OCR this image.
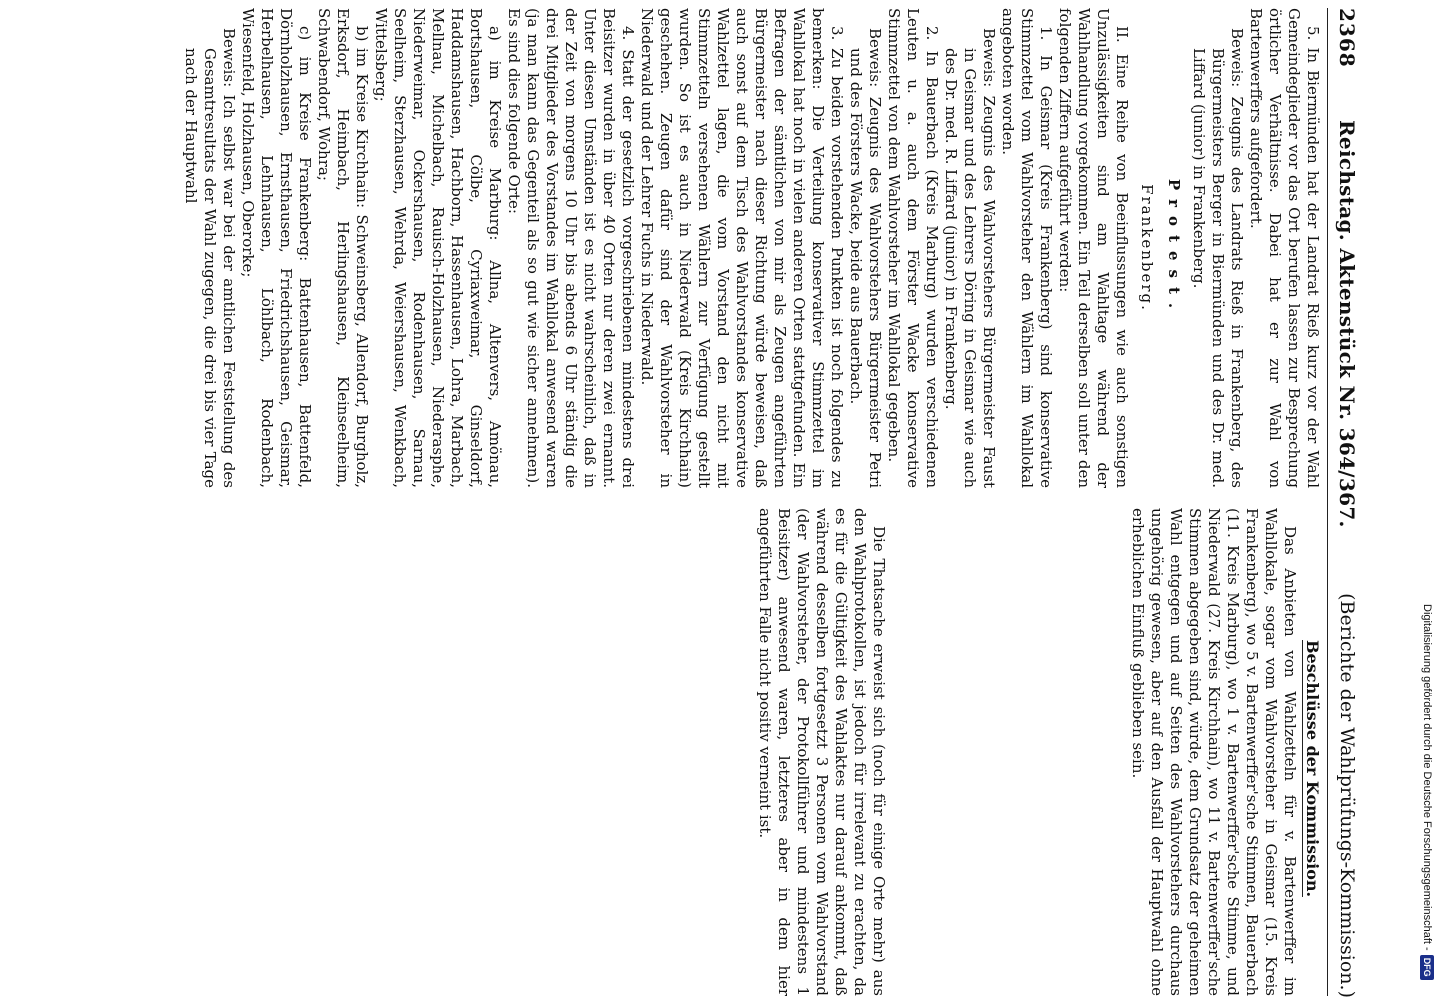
2368
Reichstag. Aktenstück Nr. 364/367.
(Berichte der Wahlprüfungs-Kommission.)
Beschlüsse der Kommission.

5. In Biermünden hat der Landrat Rieß kurz vor der Wahl Gemeindeglieder vor das Ort berufen lassen zur Besprechung örtlicher Verhältnisse. Dabei hat er zur Wahl von Bartenwerffers aufgefordert.

Beweis: Zeugnis des Landrats Rieß in Frankenberg, des Bürgermeisters Berger in Biermünden und des Dr. med. Liffard (junior) in Frankenberg.

Protest.
Frankenberg.

II. Eine Reihe von Beeinflussungen wie auch sonstigen Unzulässigkeiten sind am Wahltage während der Wahlhandlung vorgekommen. Ein Teil derselben soll unter den folgenden Ziffern aufgeführt werden:

1. In Geismar (Kreis Frankenberg) sind konservative Stimmzettel vom Wahlvorsteher den Wählern im Wahllokal angeboten worden.

Beweis: Zeugnis des Wahlvorstehers Bürgermeister Faust in Geismar und des Lehrers Döring in Geismar wie auch des Dr. med. R. Liffard (junior) in Frankenberg.

2. In Bauerbach (Kreis Marburg) wurden verschiedenen Leuten u. a. auch dem Förster Wacke konservative Stimmzettel von dem Wahlvorsteher im Wahllokal gegeben.

Beweis: Zeugnis des Wahlvorstehers Bürgermeister Petri und des Försters Wacke, beide aus Bauerbach.

3. Zu beiden vorstehenden Punkten ist noch folgendes zu bemerken: Die Verteilung konservativer Stimmzettel im Wahllokal hat noch in vielen anderen Orten stattgefunden. Ein Befragen der sämtlichen von mir als Zeugen angeführten Bürgermeister nach dieser Richtung würde beweisen, daß auch sonst auf dem Tisch des Wahlvorstandes konservative Wahlzettel lagen, die vom Vorstand den nicht mit Stimmzetteln versehenen Wählern zur Verfügung gestellt wurden. So ist es auch in Niederwald (Kreis Kirchhain) geschehen. Zeugen dafür sind der Wahlvorsteher in Niederwald und der Lehrer Fuchs in Niederwald.

4. Statt der gesetzlich vorgeschriebenen mindestens drei Beisitzer wurden in über 40 Orten nur deren zwei ernannt. Unter diesen Umständen ist es nicht wahrscheinlich, daß in der Zeit von morgens 10 Uhr bis abends 6 Uhr ständig die drei Mitglieder des Vorstandes im Wahllokal anwesend waren (ja man kann das Gegenteil als so gut wie sicher annehmen). Es sind dies folgende Orte:

a) im Kreise Marburg: Allna, Altenvers, Amönau, Bortshausen, Cölbe, Cyriaxweimar, Ginseldorf, Haddamshausen, Hachborn, Hassenhausen, Lohra, Marbach, Mellnau, Michelbach, Rauisch-Holzhausen, Niederasphe, Niederweimar, Ockershausen, Rodenhausen, Sarnau, Seelheim, Sterzhausen, Wehrda, Weiershausen, Wenkbach, Wittelsberg;

b) im Kreise Kirchhain: Schweinsberg, Allendorf, Burgholz, Erksdorf, Heimbach, Herlingshausen, Kleinseelheim, Schwabendorf, Wohra;

c) im Kreise Frankenberg: Battenhausen, Battenfeld, Dörnholzhausen, Ernsthausen, Friedrichshausen, Geismar, Herbelhausen, Lehnhausen, Löhlbach, Rodenbach, Wiesenfeld, Holzhausen, Oberorke;

Beweis: Ich selbst war bei der amtlichen Feststellung des Gesamtresultats der Wahl zugegen, die drei bis vier Tage nach der Hauptwahl

Das Anbieten von Wahlzetteln für v. Bartenwerffer im Wahllokale, sogar vom Wahlvorsteher in Geismar (15. Kreis Frankenberg), wo 5 v. Bartenwerffer'sche Stimmen, Bauerbach (11. Kreis Marburg), wo 1 v. Bartenwerffer'sche Stimme, und Niederwald (27. Kreis Kirchhain), wo 11 v. Bartenwerffer'sche Stimmen abgegeben sind, würde, dem Grundsatz der geheimen Wahl entgegen und auf Seiten des Wahlvorstehers durchaus ungehörig gewesen, aber auf den Ausfall der Hauptwahl ohne erheblichen Einfluß geblieben sein.

Die Thatsache erweist sich (noch für einige Orte mehr) aus den Wahlprotokollen, ist jedoch für irrelevant zu erachten, da es für die Gültigkeit des Wahlaktes nur darauf ankommt, daß während desselben fortgesetzt 3 Personen vom Wahlvorstand (der Wahlvorsteher, der Protokollführer und mindestens 1 Beisitzer) anwesend waren, letzteres aber in dem hier angeführten Falle nicht positiv verneint ist.	Digitalisierung gefördert durch die Deutsche Forschungsgemeinschaft -DFG
